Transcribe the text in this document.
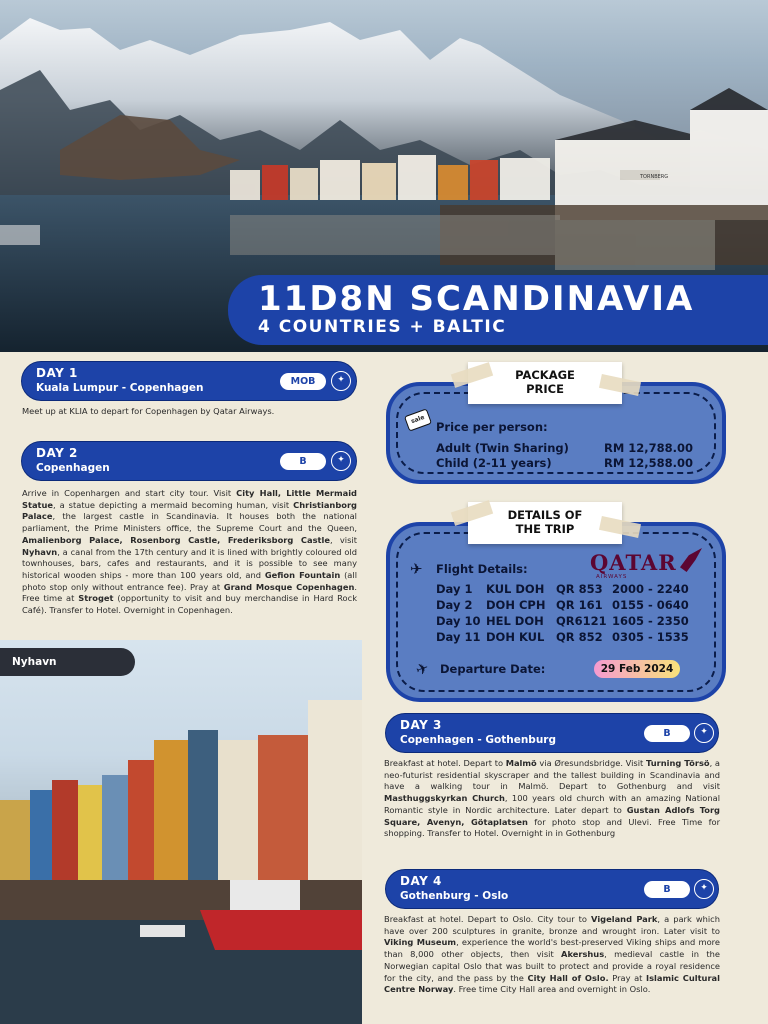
TORNBERG
11D8N SCANDINAVIA
4 COUNTRIES + BALTIC
DAY 1
Kuala Lumpur - Copenhagen
MOB	✦
Meet up at KLIA to depart for Copenhagen by Qatar Airways.
DAY 2
Copenhagen
B	✦
Arrive in Copenhargen and start city tour. Visit City Hall, Little Mermaid Statue, a statue depicting a mermaid becoming human, visit Christianborg Palace, the largest castle in Scandinavia. It houses both the national parliament, the Prime Ministers office, the Supreme Court and the Queen, Amalienborg Palace, Rosenborg Castle, Frederiksborg Castle, visit Nyhavn, a canal from the 17th century and it is lined with brightly coloured old townhouses, bars, cafes and restaurants, and it is possible to see many historical wooden ships - more than 100 years old, and Gefion Fountain (all photo stop only without entrance fee). Pray at Grand Mosque Copenhagen. Free time at Stroget (opportunity to visit and buy merchandise in Hard Rock Café). Transfer to Hotel. Overnight in Copenhagen.
Nyhavn
sale
Price per person:
Adult (Twin Sharing)	RM 12,788.00
Child (2-11 years)	RM 12,588.00
PACKAGE
PRICE
✈ Flight Details:	QATAR
AIRWAYS
Day 1 KUL DOH QR 853 2000 - 2240
Day 2 DOH CPH QR 161 0155 - 0640
Day 10 HEL DOH QR6121 1605 - 2350
Day 11 DOH KUL QR 852 0305 - 1535
✈ Departure Date:	29 Feb 2024
DETAILS OF
THE TRIP
DAY 3
Copenhagen - Gothenburg
B	✦
Breakfast at hotel. Depart to Malmö via Øresundsbridge. Visit Turning Törsö, a neo-futurist residential skyscraper and the tallest building in Scandinavia and have a walking tour in Malmö. Depart to Gothenburg and visit Masthuggskyrkan Church, 100 years old church with an amazing National Romantic style in Nordic architecture. Later depart to Gustan Adlofs Torg Square, Avenyn, Götaplatsen for photo stop and Ulevi. Free Time for shopping. Transfer to Hotel. Overnight in in Gothenburg
DAY 4
Gothenburg - Oslo
B	✦
Breakfast at hotel. Depart to Oslo. City tour to Vigeland Park, a park which have over 200 sculptures in granite, bronze and wrought iron. Later visit to Viking Museum, experience the world's best-preserved Viking ships and more than 8,000 other objects, then visit Akershus, medieval castle in the Norwegian capital Oslo that was built to protect and provide a royal residence for the city, and the pass by the City Hall of Oslo. Pray at Islamic Cultural Centre Norway. Free time City Hall area and overnight in Oslo.
